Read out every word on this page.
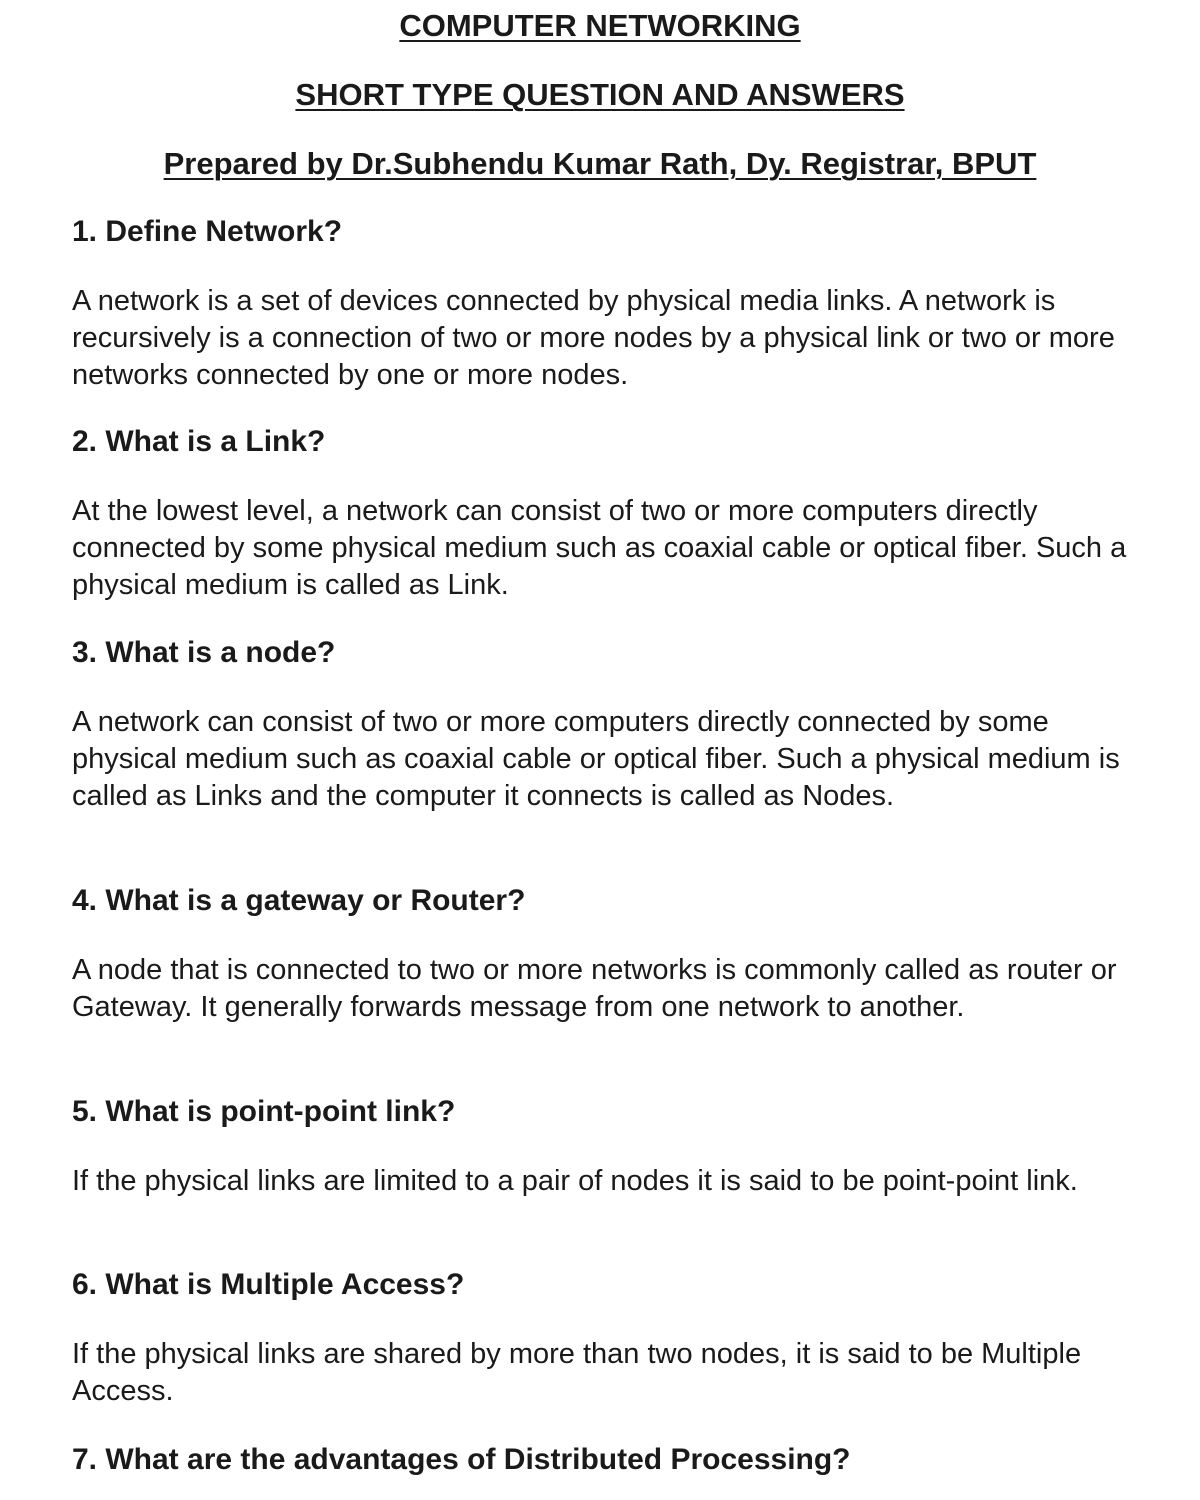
COMPUTER NETWORKING
SHORT TYPE QUESTION AND ANSWERS
Prepared by Dr.Subhendu Kumar Rath, Dy. Registrar, BPUT

1. Define Network?

A network is a set of devices connected by physical media links. A network is recursively is a connection of two or more nodes by a physical link or two or more networks connected by one or more nodes.

2. What is a Link?

At the lowest level, a network can consist of two or more computers directly connected by some physical medium such as coaxial cable or optical fiber. Such a physical medium is called as Link.

3. What is a node?

A network can consist of two or more computers directly connected by some physical medium such as coaxial cable or optical fiber. Such a physical medium is called as Links and the computer it connects is called as Nodes.

4. What is a gateway or Router?

A node that is connected to two or more networks is commonly called as router or Gateway. It generally forwards message from one network to another.

5. What is point-point link?

If the physical links are limited to a pair of nodes it is said to be point-point link.

6. What is Multiple Access?

If the physical links are shared by more than two nodes, it is said to be Multiple Access.

7. What are the advantages of Distributed Processing?
